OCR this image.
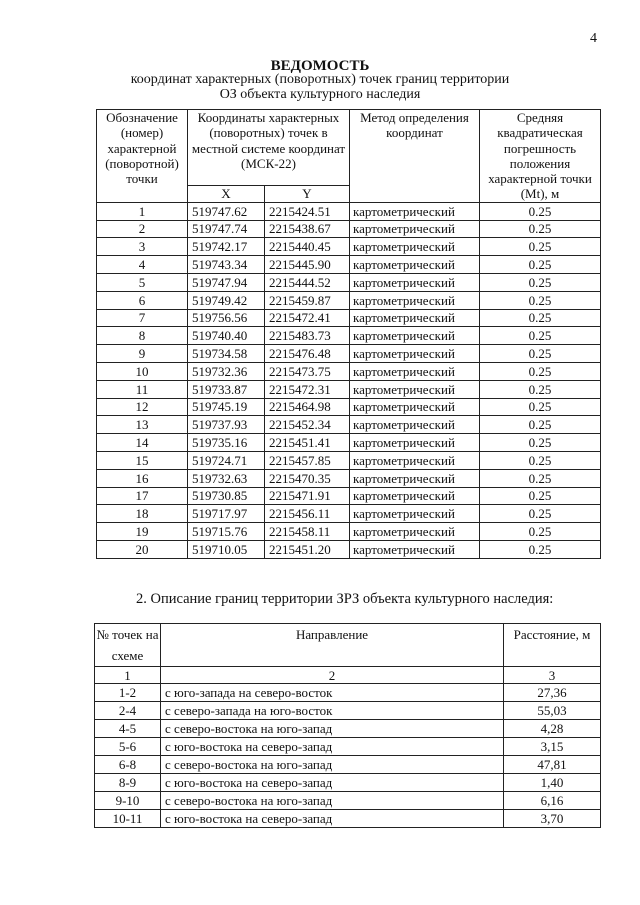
4
ВЕДОМОСТЬ
координат характерных (поворотных) точек границ территории ОЗ объекта культурного наследия
Обозначение (номер) характерной (поворотной) точки	Координаты характерных (поворотных) точек в местной системе координат (МСК-22)		Метод определения координат	Средняя квадратическая погрешность положения характерной точки (Mt), м
	X	Y		
1	519747.62	2215424.51	картометрический	0.25
2	519747.74	2215438.67	картометрический	0.25
3	519742.17	2215440.45	картометрический	0.25
4	519743.34	2215445.90	картометрический	0.25
5	519747.94	2215444.52	картометрический	0.25
6	519749.42	2215459.87	картометрический	0.25
7	519756.56	2215472.41	картометрический	0.25
8	519740.40	2215483.73	картометрический	0.25
9	519734.58	2215476.48	картометрический	0.25
10	519732.36	2215473.75	картометрический	0.25
11	519733.87	2215472.31	картометрический	0.25
12	519745.19	2215464.98	картометрический	0.25
13	519737.93	2215452.34	картометрический	0.25
14	519735.16	2215451.41	картометрический	0.25
15	519724.71	2215457.85	картометрический	0.25
16	519732.63	2215470.35	картометрический	0.25
17	519730.85	2215471.91	картометрический	0.25
18	519717.97	2215456.11	картометрический	0.25
19	519715.76	2215458.11	картометрический	0.25
20	519710.05	2215451.20	картометрический	0.25
2. Описание границ территории ЗРЗ объекта культурного наследия:
№ точек на схеме	Направление	Расстояние, м
1	2	3
1-2	с юго-запада на северо-восток	27,36
2-4	с северо-запада на юго-восток	55,03
4-5	с северо-востока на юго-запад	4,28
5-6	с юго-востока на северо-запад	3,15
6-8	с северо-востока на юго-запад	47,81
8-9	с юго-востока на северо-запад	1,40
9-10	с северо-востока на юго-запад	6,16
10-11	с юго-востока на северо-запад	3,70
